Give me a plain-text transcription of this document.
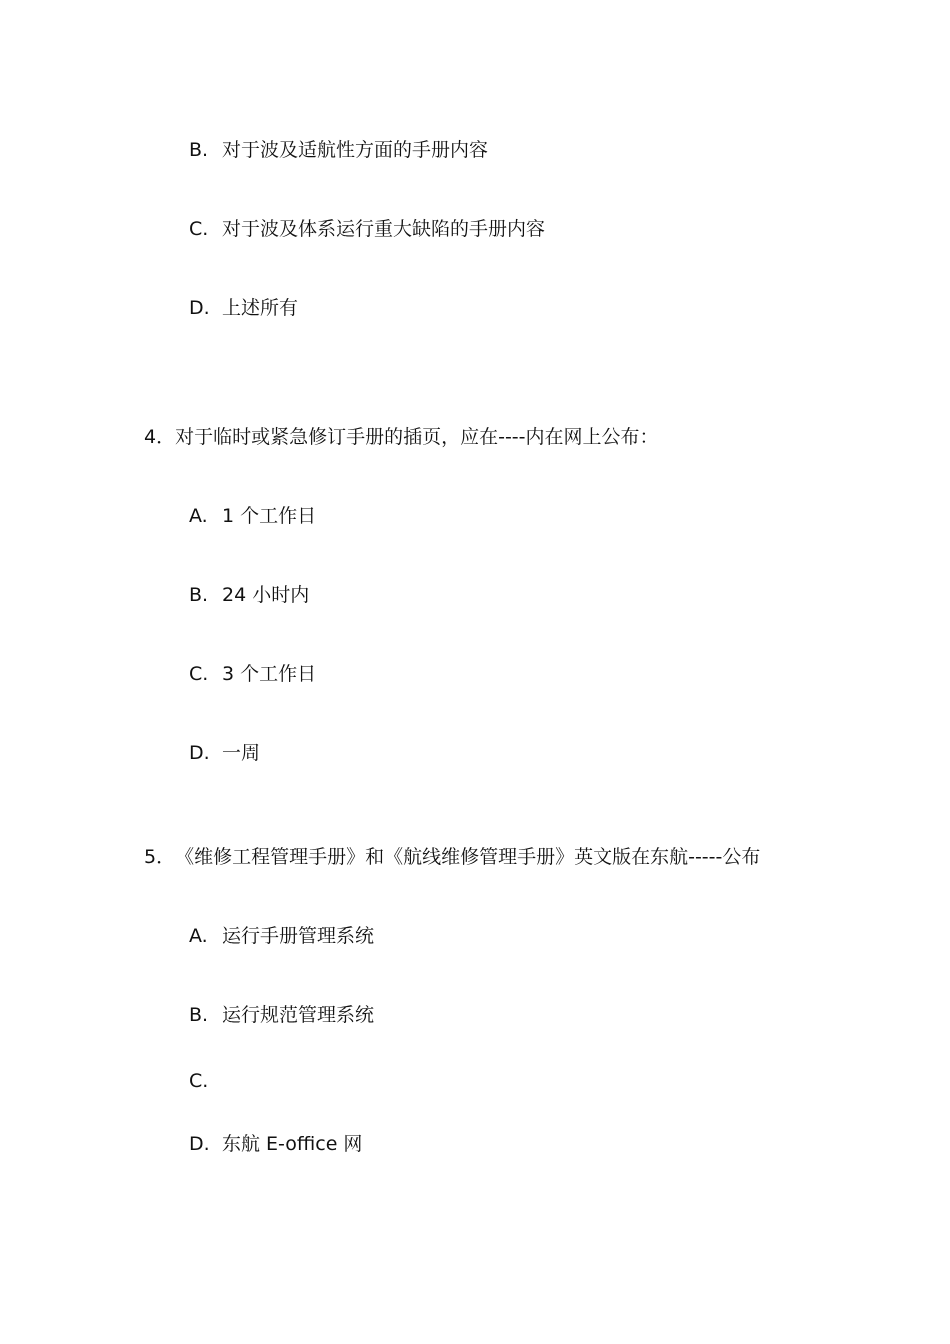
B. 对于波及适航性方面的手册内容
C. 对于波及体系运行重大缺陷的手册内容
D. 上述所有
4．对于临时或紧急修订手册的插页，应在----内在网上公布：
A. 1 个工作日
B. 24 小时内
C. 3 个工作日
D. 一周
5．《维修工程管理手册》和《航线维修管理手册》英文版在东航-----公布
A. 运行手册管理系统
B. 运行规范管理系统
C.
D. 东航 E-office 网
